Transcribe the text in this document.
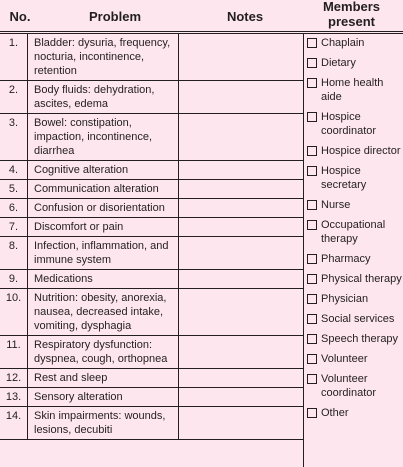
No.	Problem	Notes
Members
present
1.	Bladder: dysuria, frequency, nocturia, incontinence, retention	
2.	Body fluids: dehydration, ascites, edema	
3.	Bowel: constipation, impaction, incontinence, diarrhea	
4.	Cognitive alteration	
5.	Communication alteration	
6.	Confusion or disorientation	
7.	Discomfort or pain	
8.	Infection, inflammation, and immune system	
9.	Medications	
10.	Nutrition: obesity, anorexia, nausea, decreased intake, vomiting, dysphagia	
11.	Respiratory dysfunction: dyspnea, cough, orthopnea	
12.	Rest and sleep	
13.	Sensory alteration	
14.	Skin impairments: wounds, lesions, decubiti	
Chaplain
Dietary
Home health aide
Hospice coordinator
Hospice director
Hospice secretary
Nurse
Occupational therapy
Pharmacy
Physical therapy
Physician
Social services
Speech therapy
Volunteer
Volunteer coordinator
Other
